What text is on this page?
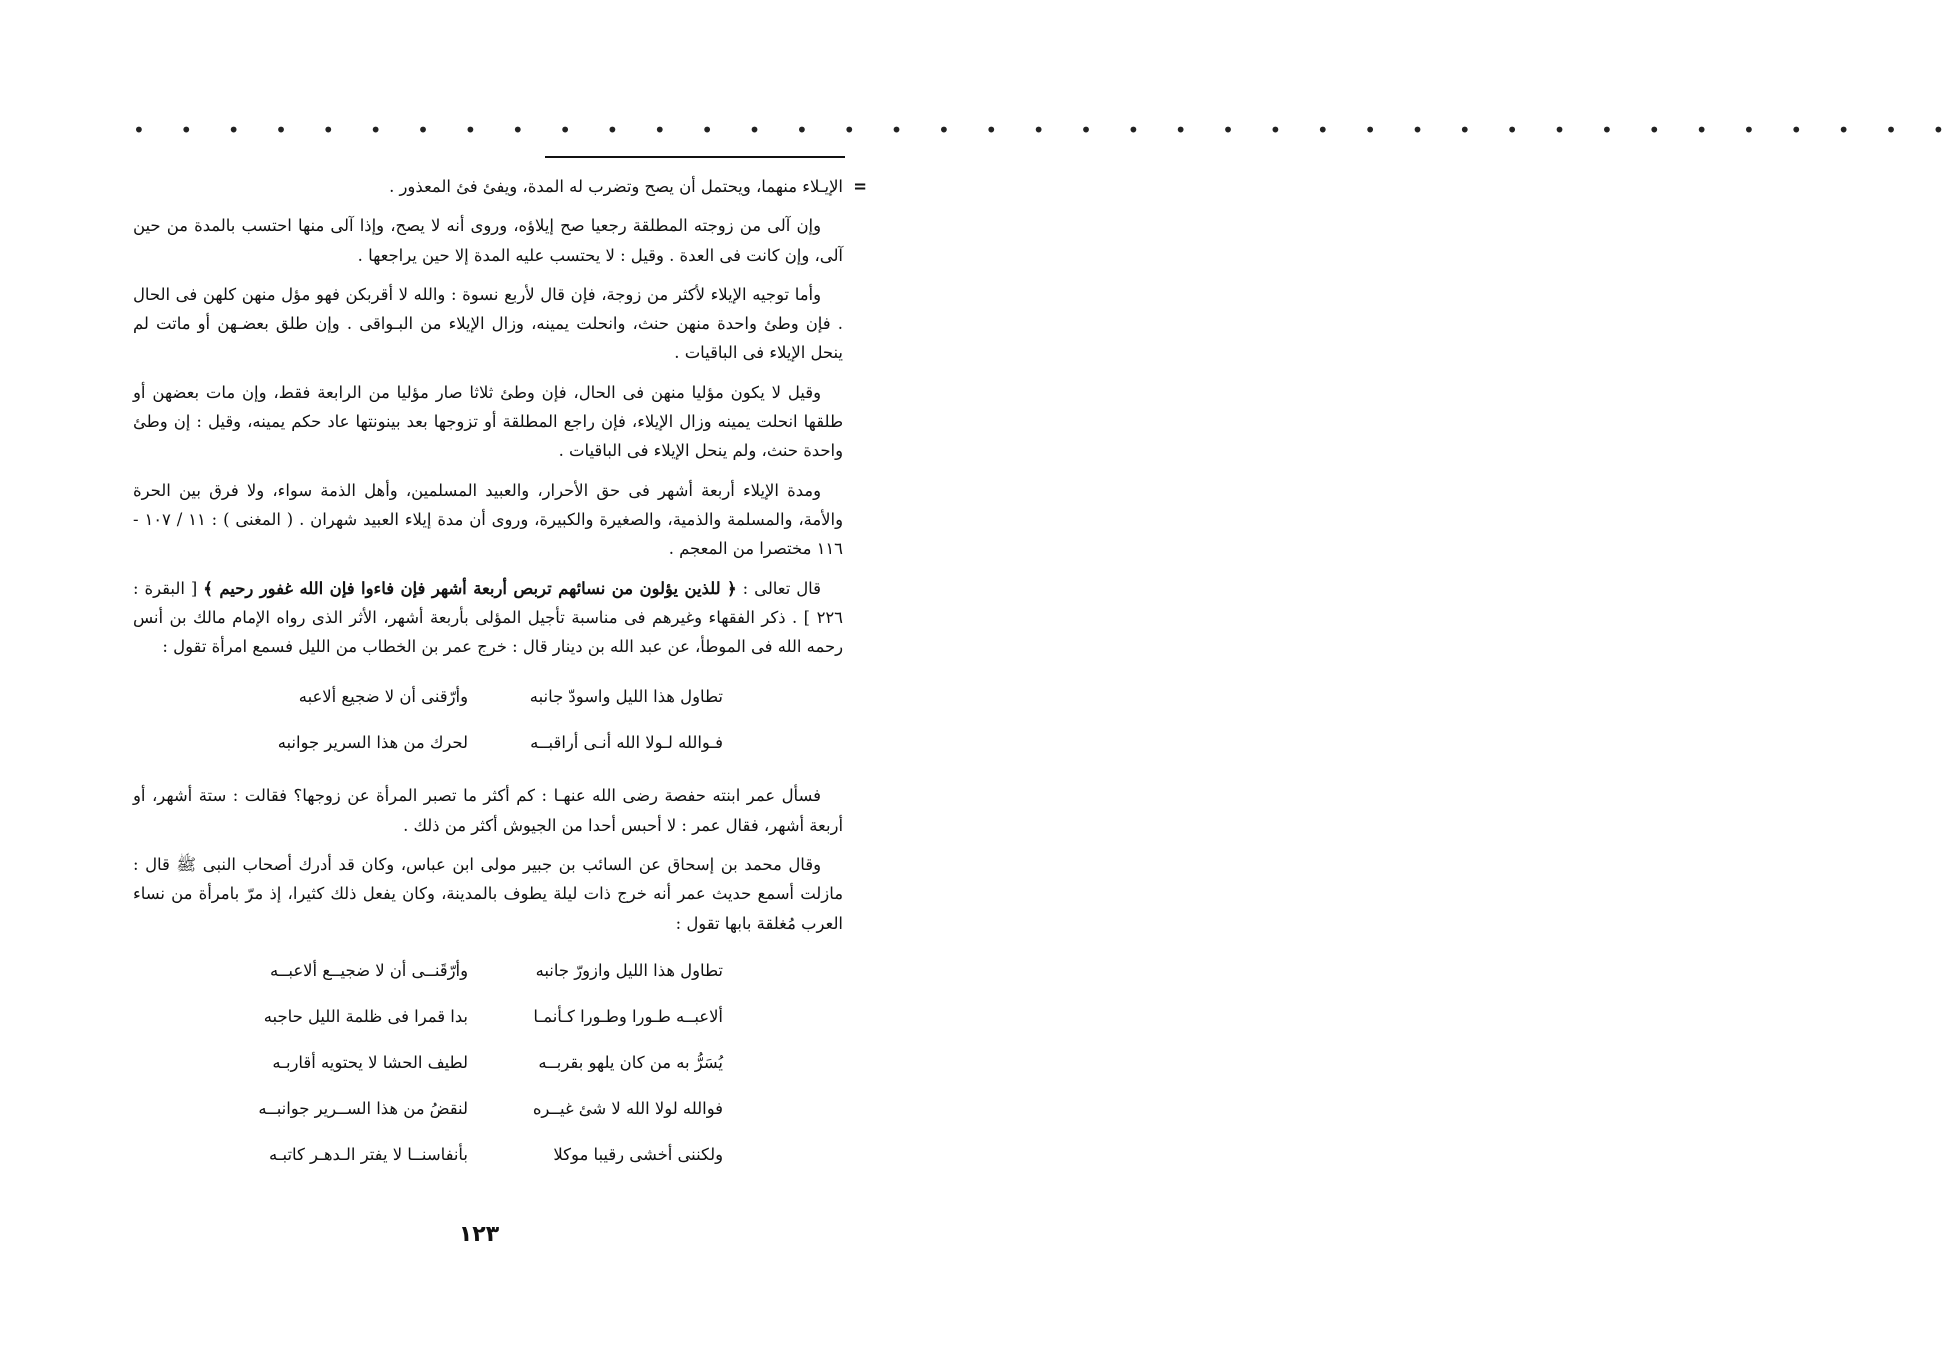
• • • • • • • • • • • • • • • • • • • • • • • • • • • • • • • • • • • • • • •

=
الإيـلاء منهما، ويحتمل أن يصح وتضرب له المدة، ويفئ فئ المعذور .

وإن آلى من زوجته المطلقة رجعيا صح إيلاؤه، وروى أنه لا يصح، وإذا آلى منها احتسب بالمدة من حين آلى، وإن كانت فى العدة . وقيل : لا يحتسب عليه المدة إلا حين يراجعها .

وأما توجيه الإيلاء لأكثر من زوجة، فإن قال لأربع نسوة : والله لا أقربكن فهو مؤل منهن كلهن فى الحال . فإن وطئ واحدة منهن حنث، وانحلت يمينه، وزال الإيلاء من البـواقى . وإن طلق بعضـهن أو ماتت لم ينحل الإيلاء فى الباقيات .

وقيل لا يكون مؤليا منهن فى الحال، فإن وطئ ثلاثا صار مؤليا من الرابعة فقط، وإن مات بعضهن أو طلقها انحلت يمينه وزال الإيلاء، فإن راجع المطلقة أو تزوجها بعد بينونتها عاد حكم يمينه، وقيل : إن وطئ واحدة حنث، ولم ينحل الإيلاء فى الباقيات .

ومدة الإيلاء أربعة أشهر فى حق الأحرار، والعبيد المسلمين، وأهل الذمة سواء، ولا فرق بين الحرة والأمة، والمسلمة والذمية، والصغيرة والكبيرة، وروى أن مدة إيلاء العبيد شهران . ( المغنى ) : ١١ / ١٠٧ - ١١٦ مختصرا من المعجم .

قال تعالى : ﴿ للذين يؤلون من نسائهم تربص أربعة أشهر فإن فاءوا فإن الله غفور رحيم ﴾ [ البقرة : ٢٢٦ ] . ذكر الفقهاء وغيرهم فى مناسبة تأجيل المؤلى بأربعة أشهر، الأثر الذى رواه الإمام مالك بن أنس رحمه الله فى الموطأ، عن عبد الله بن دينار قال : خرج عمر بن الخطاب من الليل فسمع امرأة تقول :

تطاول هذا الليل واسودّ جانبه
وأرّقنى أن لا ضجيع ألاعبه
فـوالله لـولا الله أنـى أراقبــه
لحرك من هذا السرير جوانبه

فسأل عمر ابنته حفصة رضى الله عنهـا : كم أكثر ما تصبر المرأة عن زوجها؟ فقالت : ستة أشهر، أو أربعة أشهر، فقال عمر : لا أحبس أحدا من الجيوش أكثر من ذلك .

وقال محمد بن إسحاق عن السائب بن جبير مولى ابن عباس، وكان قد أدرك أصحاب النبى ﷺ قال : مازلت أسمع حديث عمر أنه خرج ذات ليلة يطوف بالمدينة، وكان يفعل ذلك كثيرا، إذ مرّ بامرأة من نساء العرب مُغلقة بابها تقول :

تطاول هذا الليل وازورّ جانبه
وأرّقَنــى أن لا ضجيــع ألاعبــه
ألاعبــه طـورا وطـورا كـأنمـا
بدا قمرا فى ظلمة الليل حاجبه
يُسَرُّ به من كان يلهو بقربــه
لطيف الحشا لا يحتويه أقاربـه
فوالله لولا الله لا شئ غيــره
لنقضُ من هذا الســرير جوانبــه
ولكننى أخشى رقيبا موكلا
بأنفاسنــا لا يفتر الـدهـر كاتبـه
١٢٣
